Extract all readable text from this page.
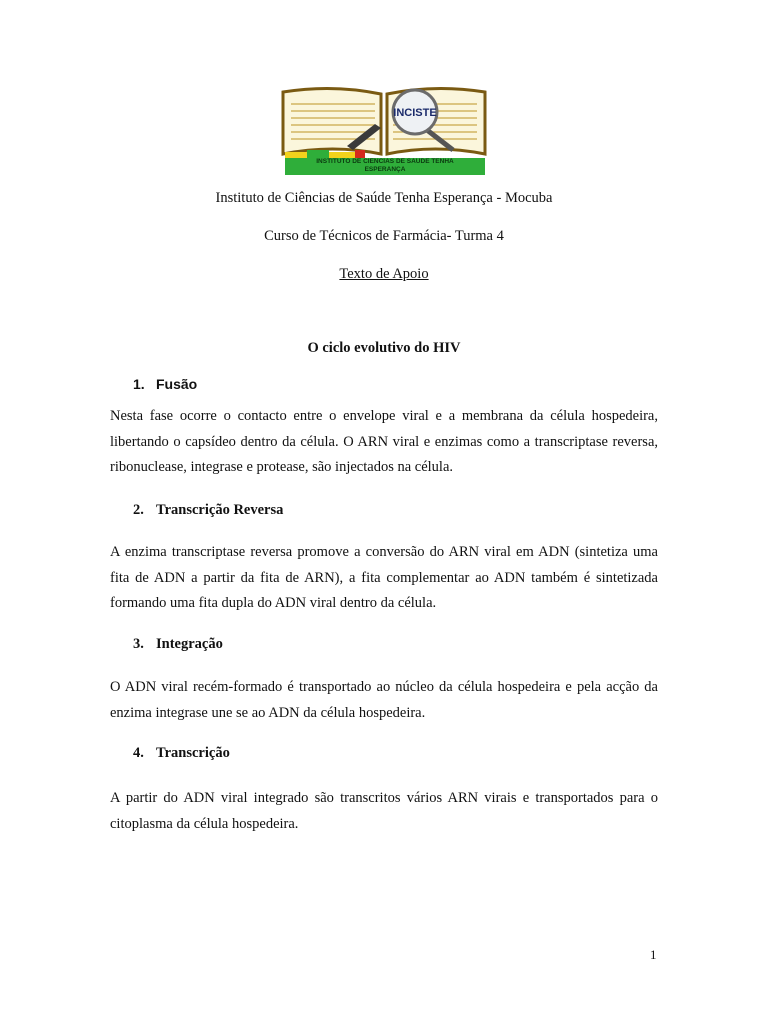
INCISTE
INSTITUTO DE CIENCIAS DE SAÚDE TENHA ESPERANÇA
Instituto de Ciências de Saúde Tenha Esperança - Mocuba
Curso de Técnicos de Farmácia- Turma 4
Texto de Apoio
O ciclo evolutivo do HIV
1. Fusão
Nesta fase ocorre o contacto entre o envelope viral e a membrana da célula hospedeira, libertando o capsídeo dentro da célula. O ARN viral e enzimas como a transcriptase reversa, ribonuclease, integrase e protease, são injectados na célula.
2. Transcrição Reversa
A enzima transcriptase reversa promove a conversão do ARN viral em ADN (sintetiza uma fita de ADN a partir da fita de ARN), a fita complementar ao ADN também é sintetizada formando uma fita dupla do ADN viral dentro da célula.
3. Integração
O ADN viral recém-formado é transportado ao núcleo da célula hospedeira e pela acção da enzima integrase une se ao ADN da célula hospedeira.
4. Transcrição
A partir do ADN viral integrado são transcritos vários ARN virais e transportados para o citoplasma da célula hospedeira.
1
